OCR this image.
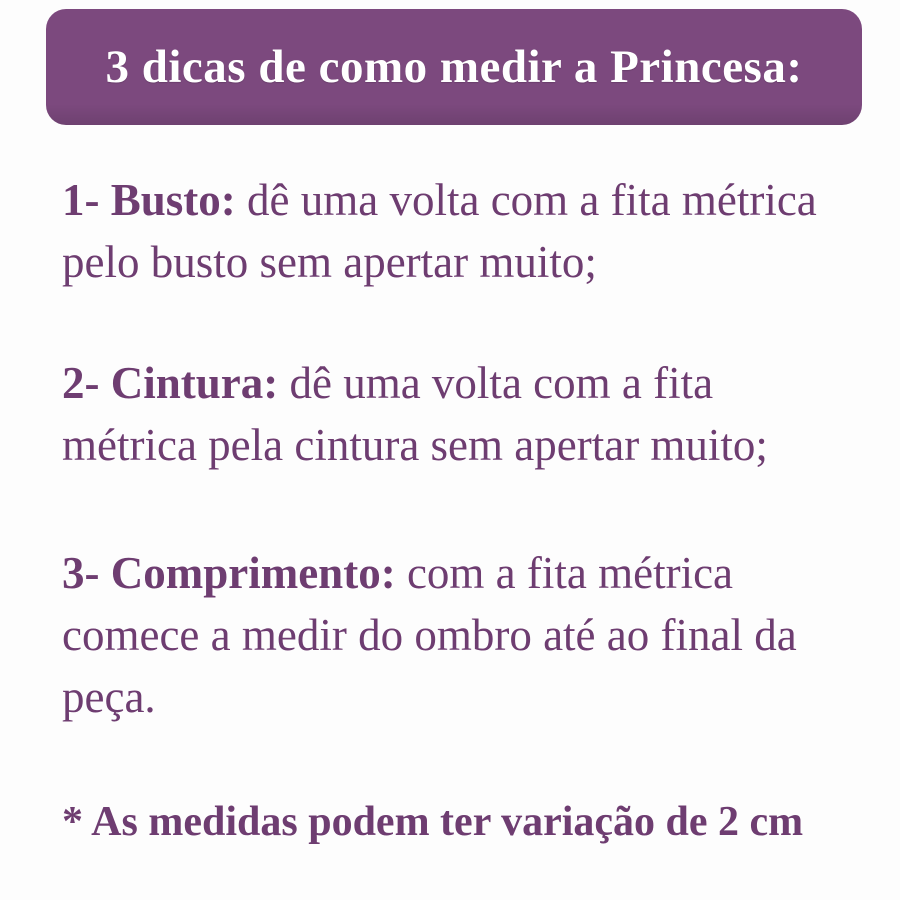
3 dicas de como medir a Princesa:

1- Busto: dê uma volta com a fita métrica
pelo busto sem apertar muito;

2- Cintura: dê uma volta com a fita
métrica pela cintura sem apertar muito;

3- Comprimento: com a fita métrica
comece a medir do ombro até ao final da
peça.

* As medidas podem ter variação de 2 cm
